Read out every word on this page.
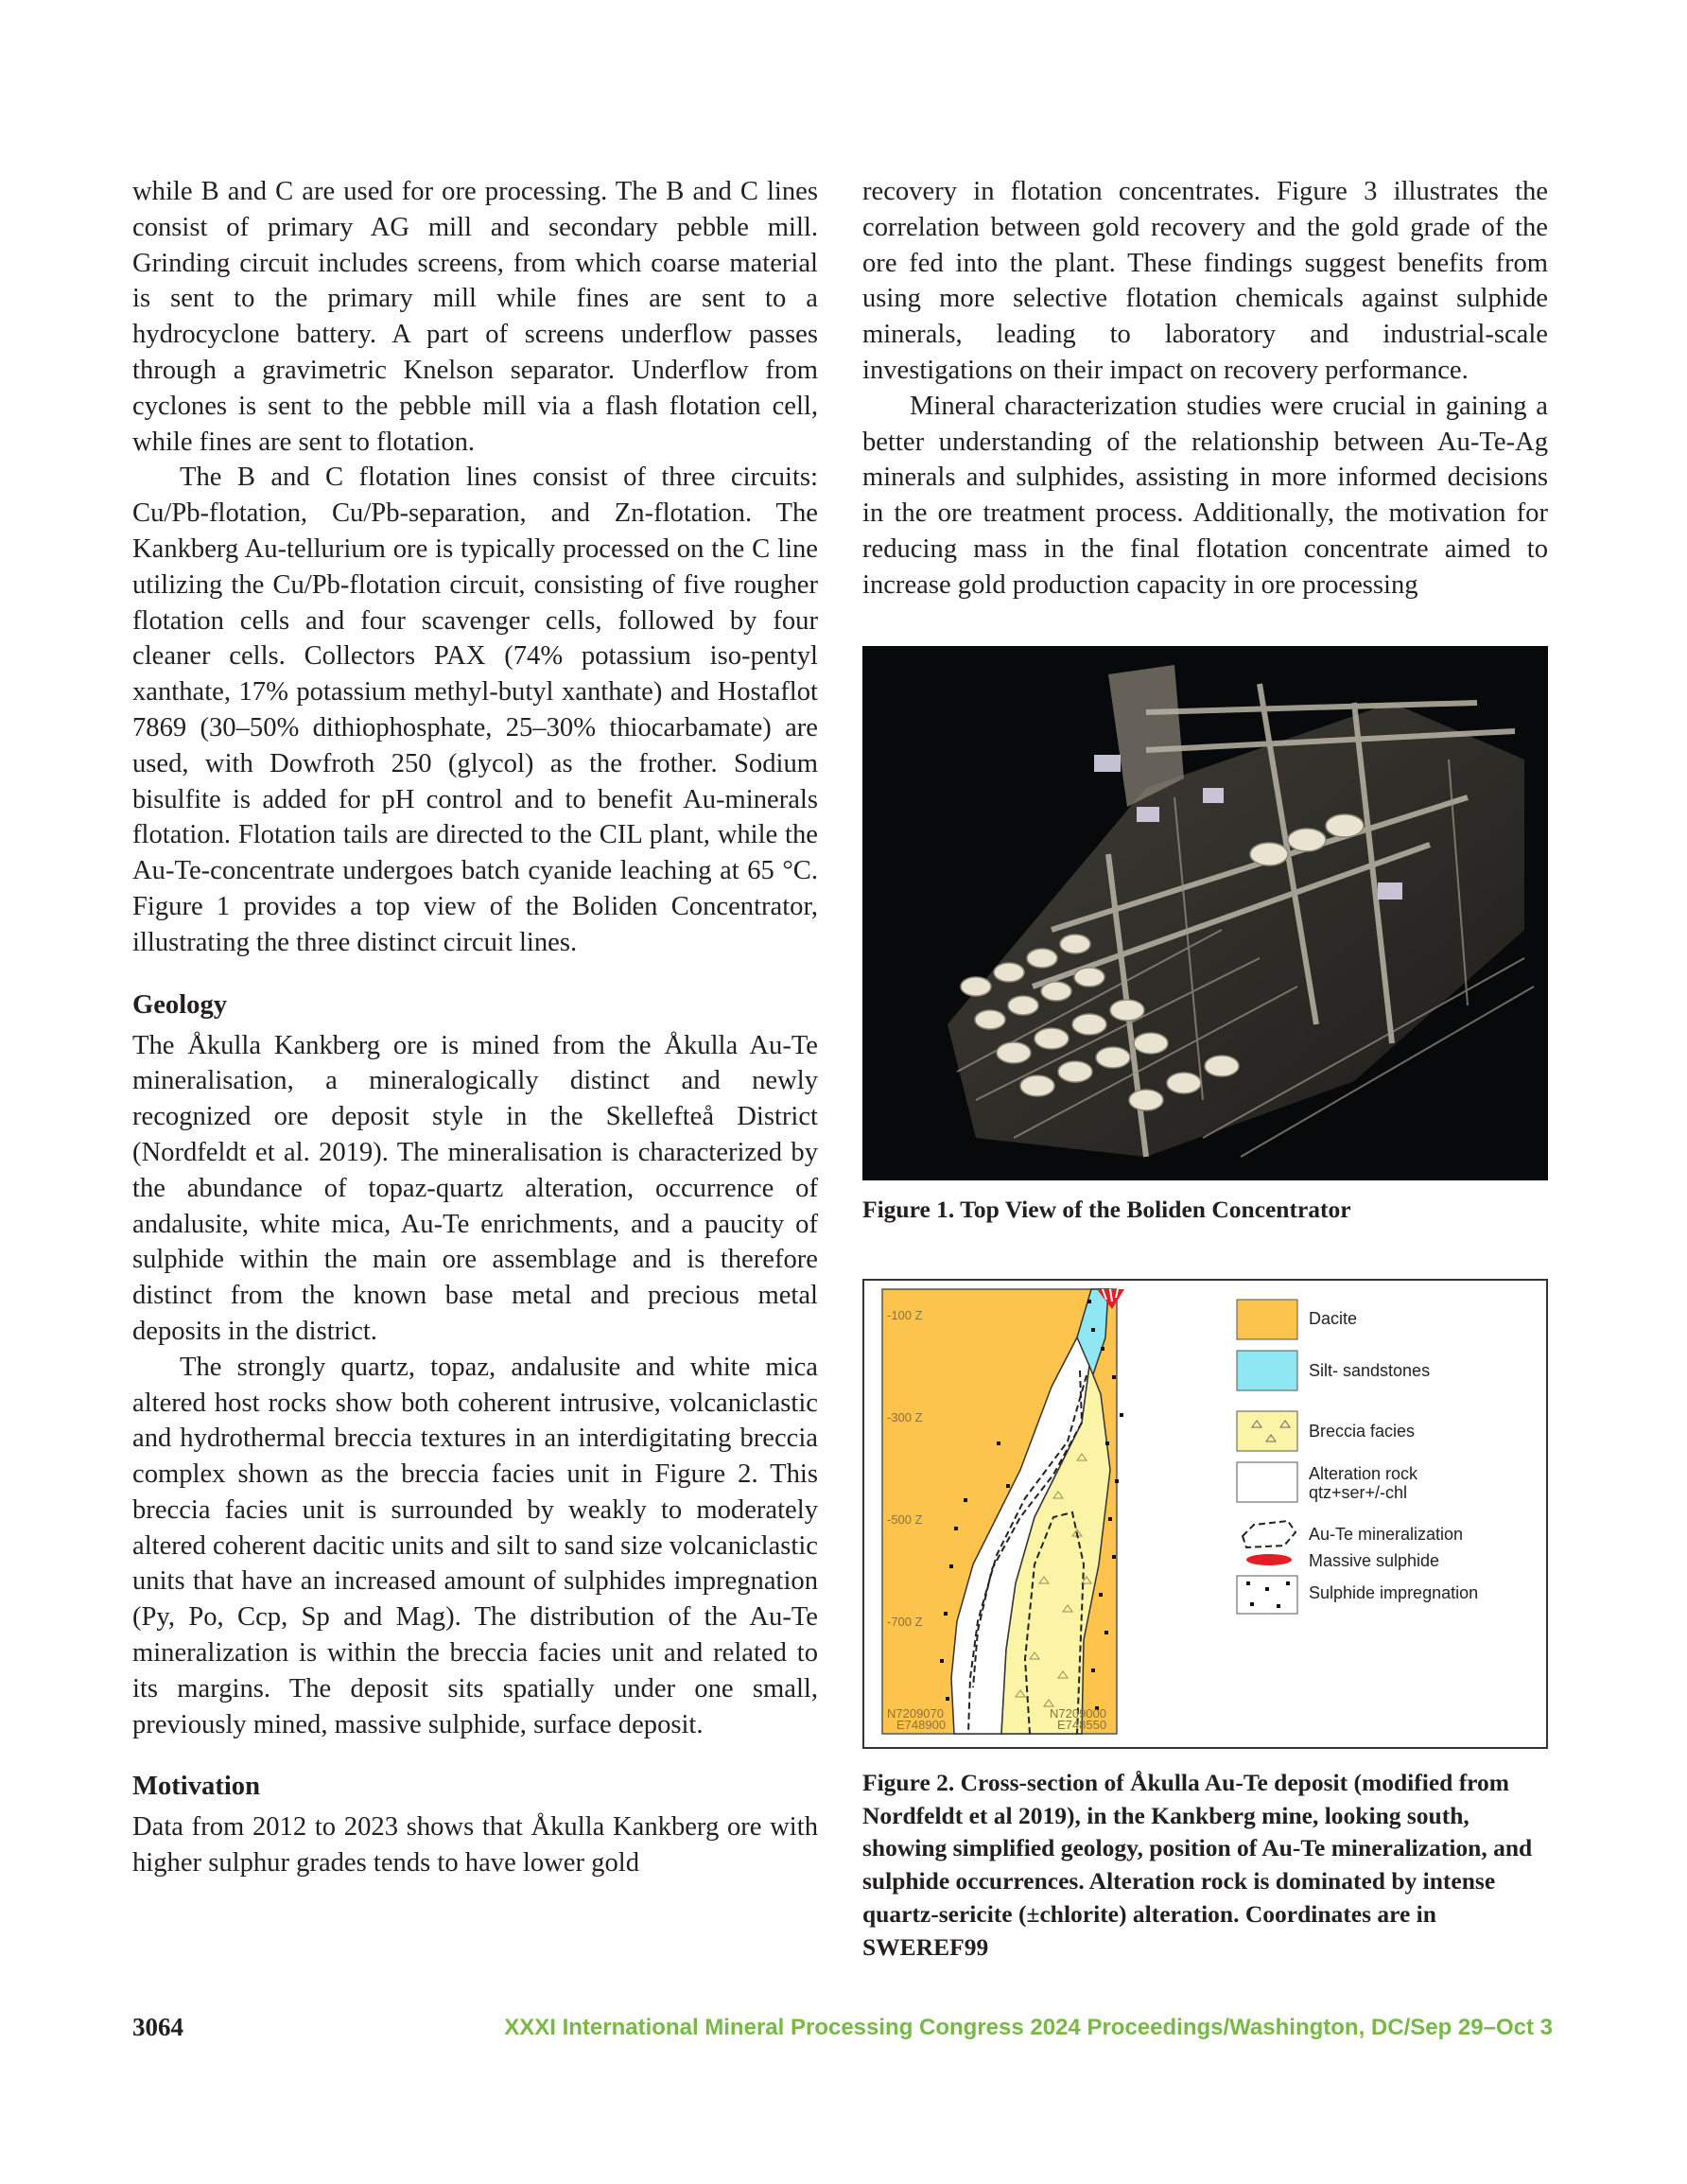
while B and C are used for ore processing. The B and C lines consist of primary AG mill and secondary pebble mill. Grinding circuit includes screens, from which coarse material is sent to the primary mill while fines are sent to a hydrocyclone battery. A part of screens underflow passes through a gravimetric Knelson separator. Underflow from cyclones is sent to the pebble mill via a flash flotation cell, while fines are sent to flotation.

The B and C flotation lines consist of three circuits: Cu/Pb-flotation, Cu/Pb-separation, and Zn-flotation. The Kankberg Au-tellurium ore is typically processed on the C line utilizing the Cu/Pb-flotation circuit, consisting of five rougher flotation cells and four scavenger cells, followed by four cleaner cells. Collectors PAX (74% potassium iso-pentyl xanthate, 17% potassium methyl-butyl xanthate) and Hostaflot 7869 (30–50% dithiophosphate, 25–30% thiocarbamate) are used, with Dowfroth 250 (glycol) as the frother. Sodium bisulfite is added for pH control and to benefit Au-minerals flotation. Flotation tails are directed to the CIL plant, while the Au-Te-concentrate undergoes batch cyanide leaching at 65 °C. Figure 1 provides a top view of the Boliden Concentrator, illustrating the three distinct circuit lines.

Geology

The Åkulla Kankberg ore is mined from the Åkulla Au-Te mineralisation, a mineralogically distinct and newly recognized ore deposit style in the Skellefteå District (Nordfeldt et al. 2019). The mineralisation is characterized by the abundance of topaz-quartz alteration, occurrence of andalusite, white mica, Au-Te enrichments, and a paucity of sulphide within the main ore assemblage and is therefore distinct from the known base metal and precious metal deposits in the district.

The strongly quartz, topaz, andalusite and white mica altered host rocks show both coherent intrusive, volcaniclastic and hydrothermal breccia textures in an interdigitating breccia complex shown as the breccia facies unit in Figure 2. This breccia facies unit is surrounded by weakly to moderately altered coherent dacitic units and silt to sand size volcaniclastic units that have an increased amount of sulphides impregnation (Py, Po, Ccp, Sp and Mag). The distribution of the Au-Te mineralization is within the breccia facies unit and related to its margins. The deposit sits spatially under one small, previously mined, massive sulphide, surface deposit.

Motivation

Data from 2012 to 2023 shows that Åkulla Kankberg ore with higher sulphur grades tends to have lower gold

recovery in flotation concentrates. Figure 3 illustrates the correlation between gold recovery and the gold grade of the ore fed into the plant. These findings suggest benefits from using more selective flotation chemicals against sulphide minerals, leading to laboratory and industrial-scale investigations on their impact on recovery performance.

Mineral characterization studies were crucial in gaining a better understanding of the relationship between Au-Te-Ag minerals and sulphides, assisting in more informed decisions in the ore treatment process. Additionally, the motivation for reducing mass in the final flotation concentrate aimed to increase gold production capacity in ore processing

Figure 1. Top View of the Boliden Concentrator

-100 Z
-300 Z
-500 Z
-700 Z
N7209070
E748900
N7209000
E748550
Dacite
Silt- sandstones
Breccia facies
Alteration rock
qtz+ser+/-chl
Au-Te mineralization
Massive sulphide
Sulphide impregnation

Figure 2. Cross-section of Åkulla Au-Te deposit (modified from Nordfeldt et al 2019), in the Kankberg mine, looking south, showing simplified geology, position of Au-Te mineralization, and sulphide occurrences. Alteration rock is dominated by intense quartz-sericite (±chlorite) alteration. Coordinates are in SWEREF99

3064	XXXI International Mineral Processing Congress 2024 Proceedings/Washington, DC/Sep 29–Oct 3
